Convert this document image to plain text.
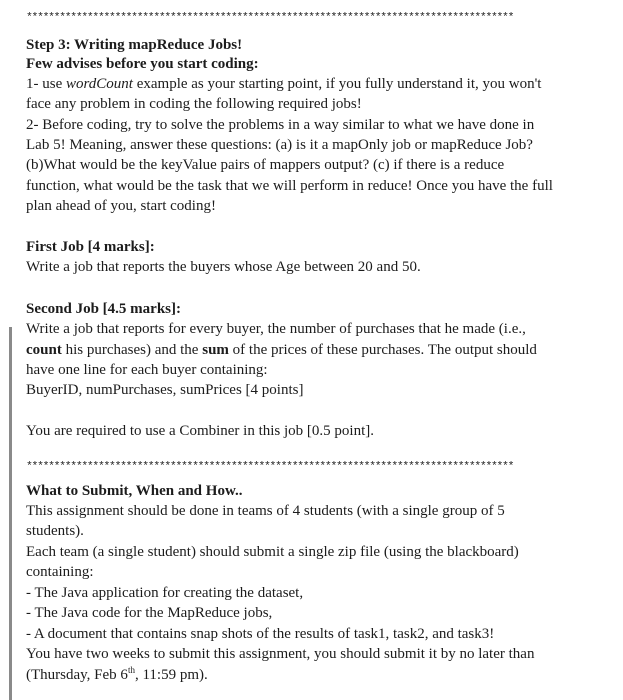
****************************************************************************************
Step 3: Writing mapReduce Jobs!
Few advises before you start coding:
1- use wordCount example as your starting point, if you fully understand it, you won't
face any problem in coding the following required jobs!
2- Before coding, try to solve the problems in a way similar to what we have done in
Lab 5! Meaning, answer these questions: (a) is it a mapOnly job or mapReduce Job?
(b)What would be the keyValue pairs of mappers output? (c) if there is a reduce
function, what would be the task that we will perform in reduce! Once you have the full
plan ahead of you, start coding!
First Job [4 marks]:
Write a job that reports the buyers whose Age between 20 and 50.
Second Job [4.5 marks]:
Write a job that reports for every buyer, the number of purchases that he made (i.e.,
count his purchases) and the sum of the prices of these purchases. The output should
have one line for each buyer containing:
BuyerID, numPurchases, sumPrices [4 points]
You are required to use a Combiner in this job [0.5 point].
****************************************************************************************
What to Submit, When and How..
This assignment should be done in teams of 4 students (with a single group of 5
students).
Each team (a single student) should submit a single zip file (using the blackboard)
containing:
- The Java application for creating the dataset,
- The Java code for the MapReduce jobs,
- A document that contains snap shots of the results of task1, task2, and task3!
You have two weeks to submit this assignment, you should submit it by no later than
(Thursday, Feb 6th, 11:59 pm).
